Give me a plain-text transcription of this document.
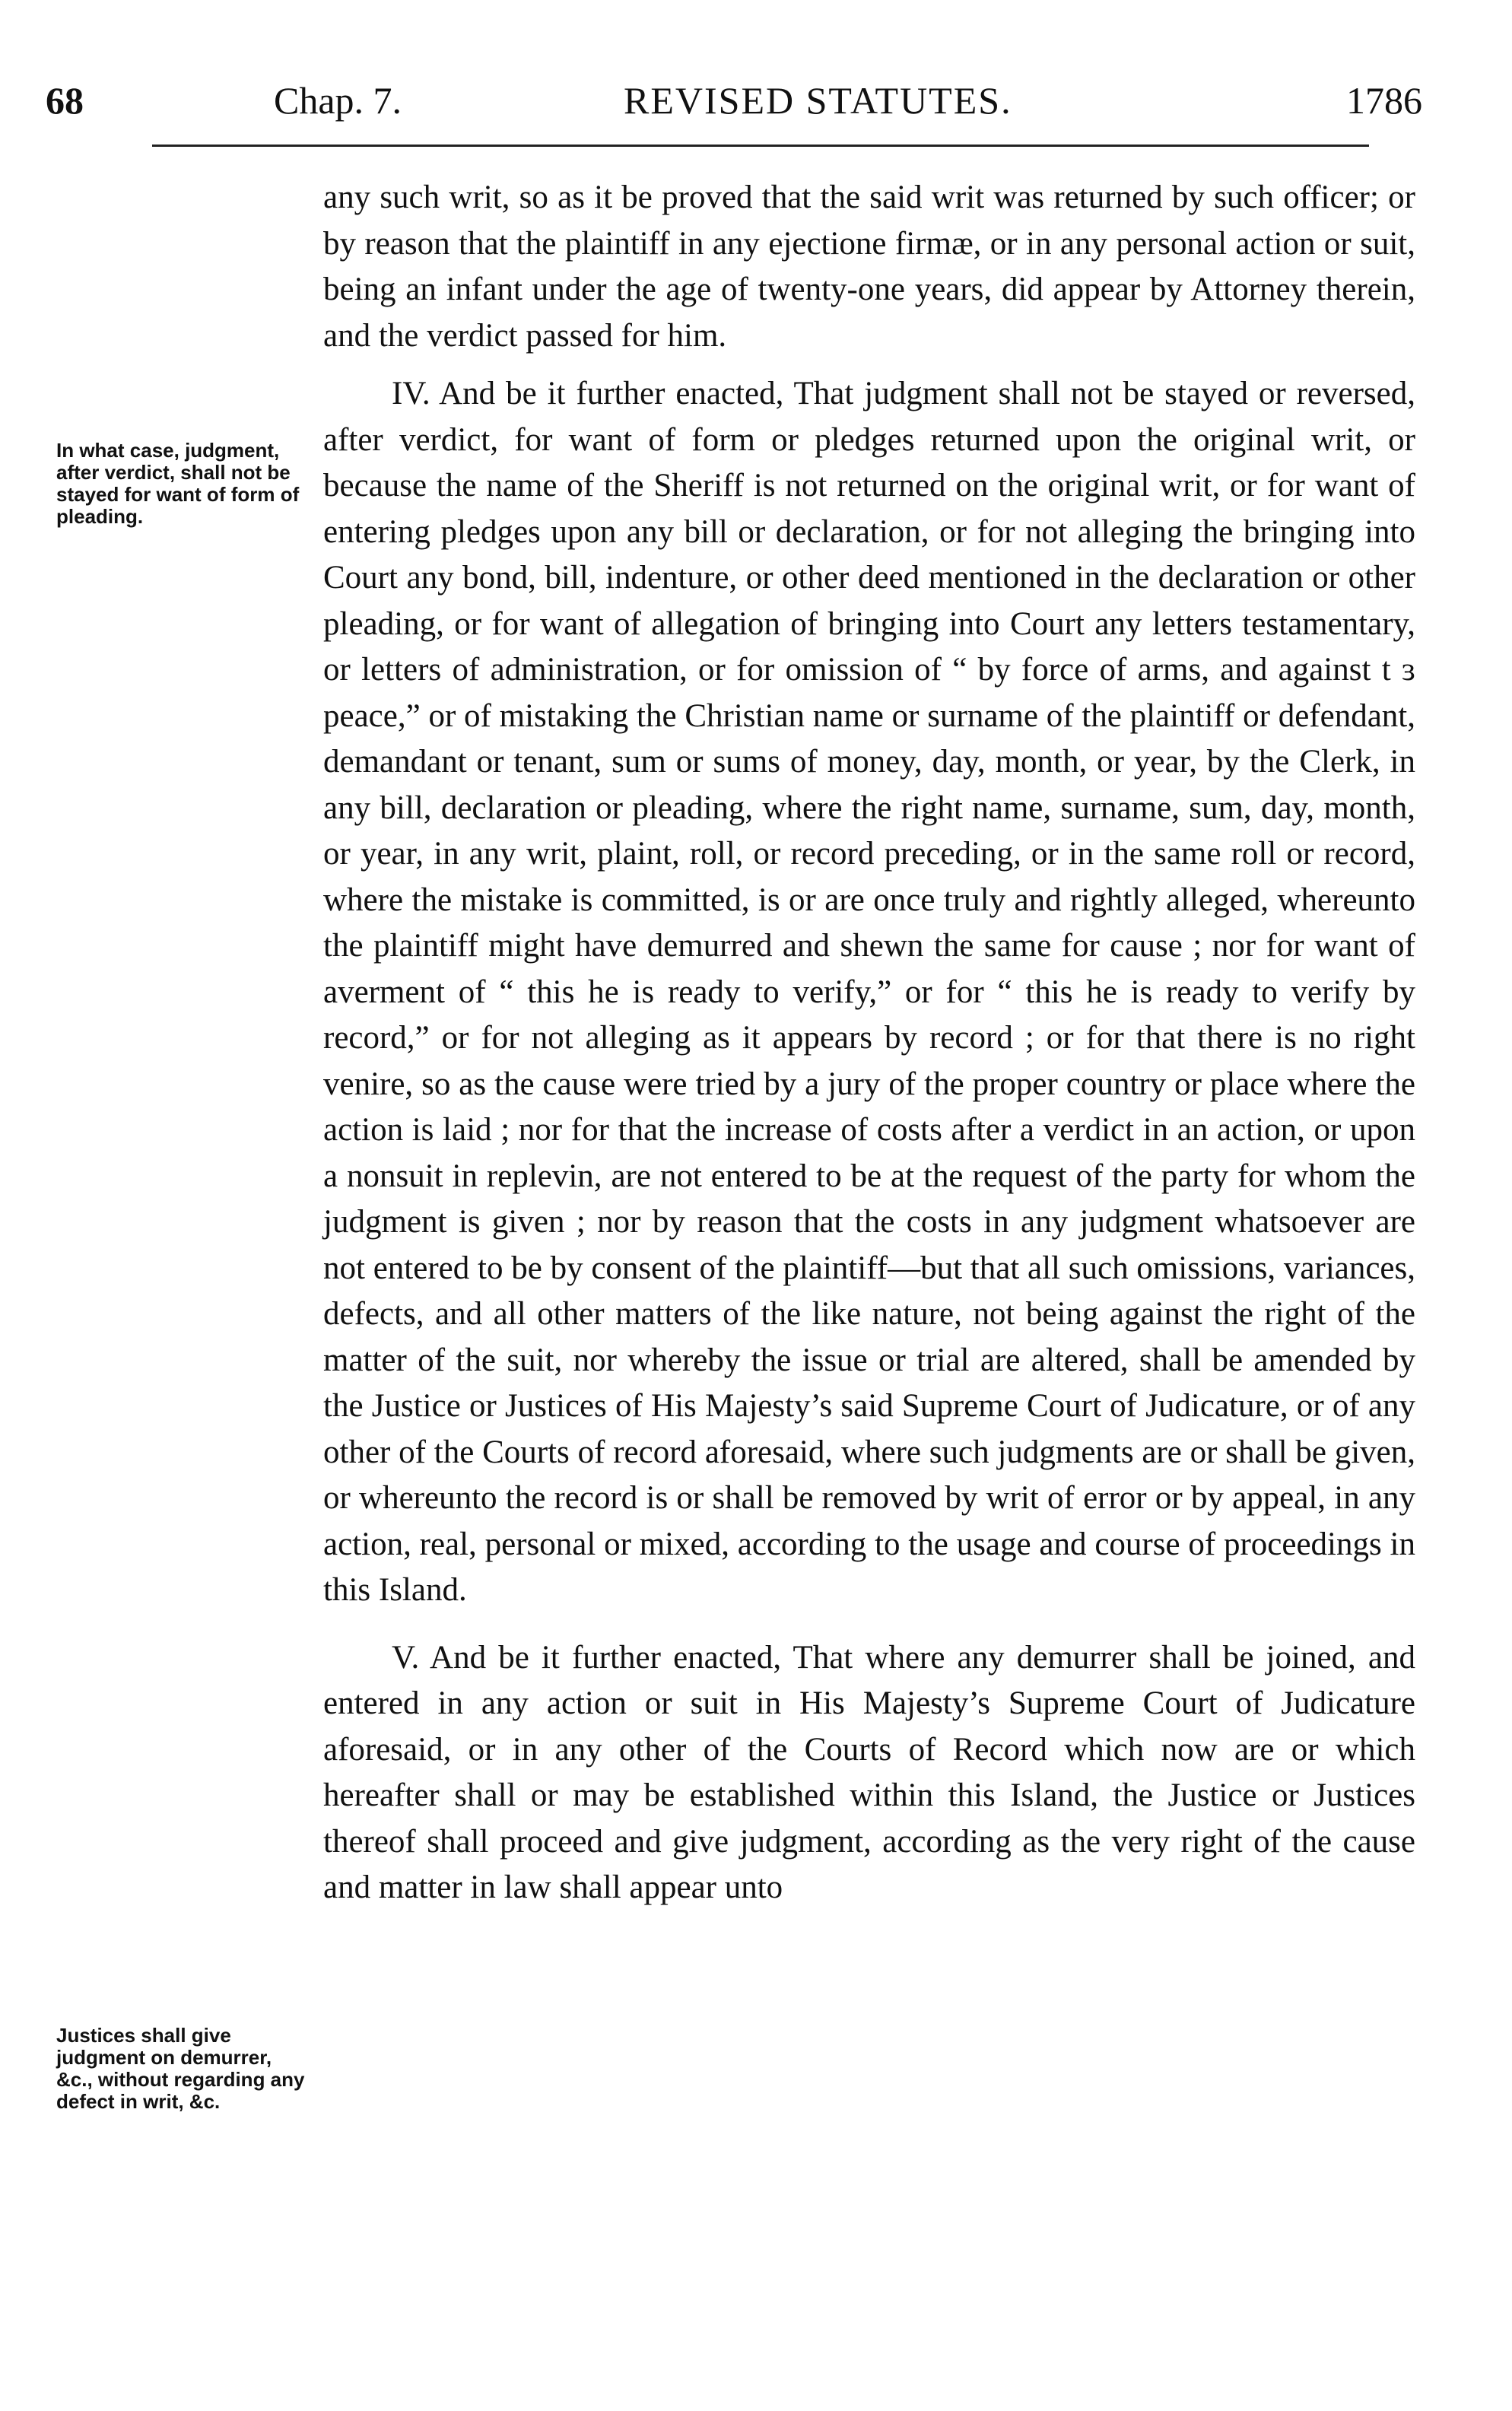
68	Chap. 7.	REVISED STATUTES.	1786
In what case, judgment, after verdict, shall not be stayed for want of form of pleading.
Justices shall give judgment on demurrer, &c., without regarding any defect in writ, &c.

any such writ, so as it be proved that the said writ was returned by such officer; or by reason that the plaintiff in any ejectione firmæ, or in any personal action or suit, being an infant under the age of twenty-one years, did appear by Attorney therein, and the verdict passed for him.

IV. And be it further enacted, That judgment shall not be stayed or reversed, after verdict, for want of form or pledges returned upon the original writ, or because the name of the Sheriff is not returned on the original writ, or for want of entering pledges upon any bill or declaration, or for not alleging the bringing into Court any bond, bill, indenture, or other deed mentioned in the declaration or other pleading, or for want of allegation of bringing into Court any letters testamentary, or letters of administration, or for omission of “ by force of arms, and against t ɜ peace,” or of mistaking the Christian name or surname of the plaintiff or defendant, demandant or tenant, sum or sums of money, day, month, or year, by the Clerk, in any bill, declaration or pleading, where the right name, surname, sum, day, month, or year, in any writ, plaint, roll, or record preceding, or in the same roll or record, where the mistake is committed, is or are once truly and rightly alleged, whereunto the plaintiff might have demurred and shewn the same for cause ; nor for want of averment of “ this he is ready to verify,” or for “ this he is ready to verify by record,” or for not alleging as it appears by record ; or for that there is no right venire, so as the cause were tried by a jury of the proper country or place where the action is laid ; nor for that the increase of costs after a verdict in an action, or upon a nonsuit in replevin, are not entered to be at the request of the party for whom the judgment is given ; nor by reason that the costs in any judgment whatsoever are not entered to be by consent of the plaintiff—but that all such omissions, variances, defects, and all other matters of the like nature, not being against the right of the matter of the suit, nor whereby the issue or trial are altered, shall be amended by the Justice or Justices of His Majesty’s said Supreme Court of Judicature, or of any other of the Courts of record aforesaid, where such judgments are or shall be given, or whereunto the record is or shall be removed by writ of error or by appeal, in any action, real, personal or mixed, according to the usage and course of proceedings in this Island.

V. And be it further enacted, That where any demurrer shall be joined, and entered in any action or suit in His Majesty’s Supreme Court of Judicature aforesaid, or in any other of the Courts of Record which now are or which hereafter shall or may be established within this Island, the Justice or Justices thereof shall proceed and give judgment, according as the very right of the cause and matter in law shall appear unto
